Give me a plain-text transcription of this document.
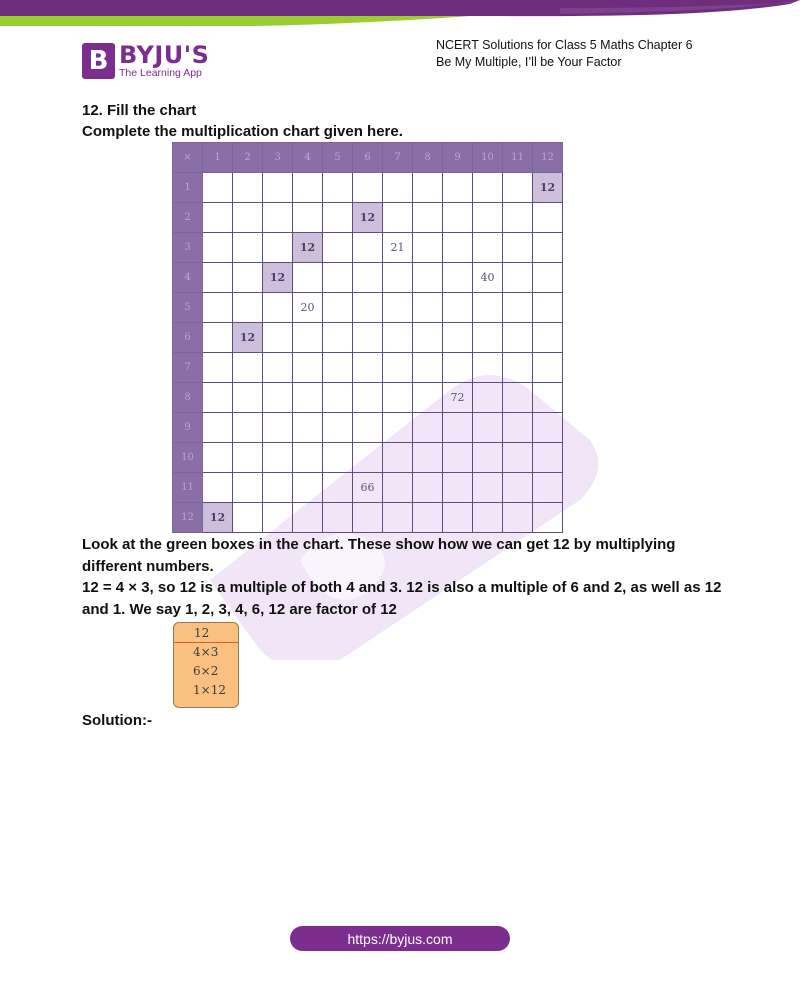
B BYJU'S
The Learning App
NCERT Solutions for Class 5 Maths Chapter 6
Be My Multiple, I’ll be Your Factor
12. Fill the chart
Complete the multiplication chart given here.
×	1	2	3	4	5	6	7	8	9	10	11	12
1												12
2						12						
3				12			21					
4			12							40		
5				20								
6		12										
7												
8									72			
9												
10												
11						66						
12	12											
Look at the green boxes in the chart. These show how we can get 12 by multiplying different numbers.
12 = 4 × 3, so 12 is a multiple of both 4 and 3. 12 is also a multiple of 6 and 2, as well as 12 and 1. We say 1, 2, 3, 4, 6, 12 are factor of 12
12
4×3
6×2
1×12
Solution:-
https://byjus.com
